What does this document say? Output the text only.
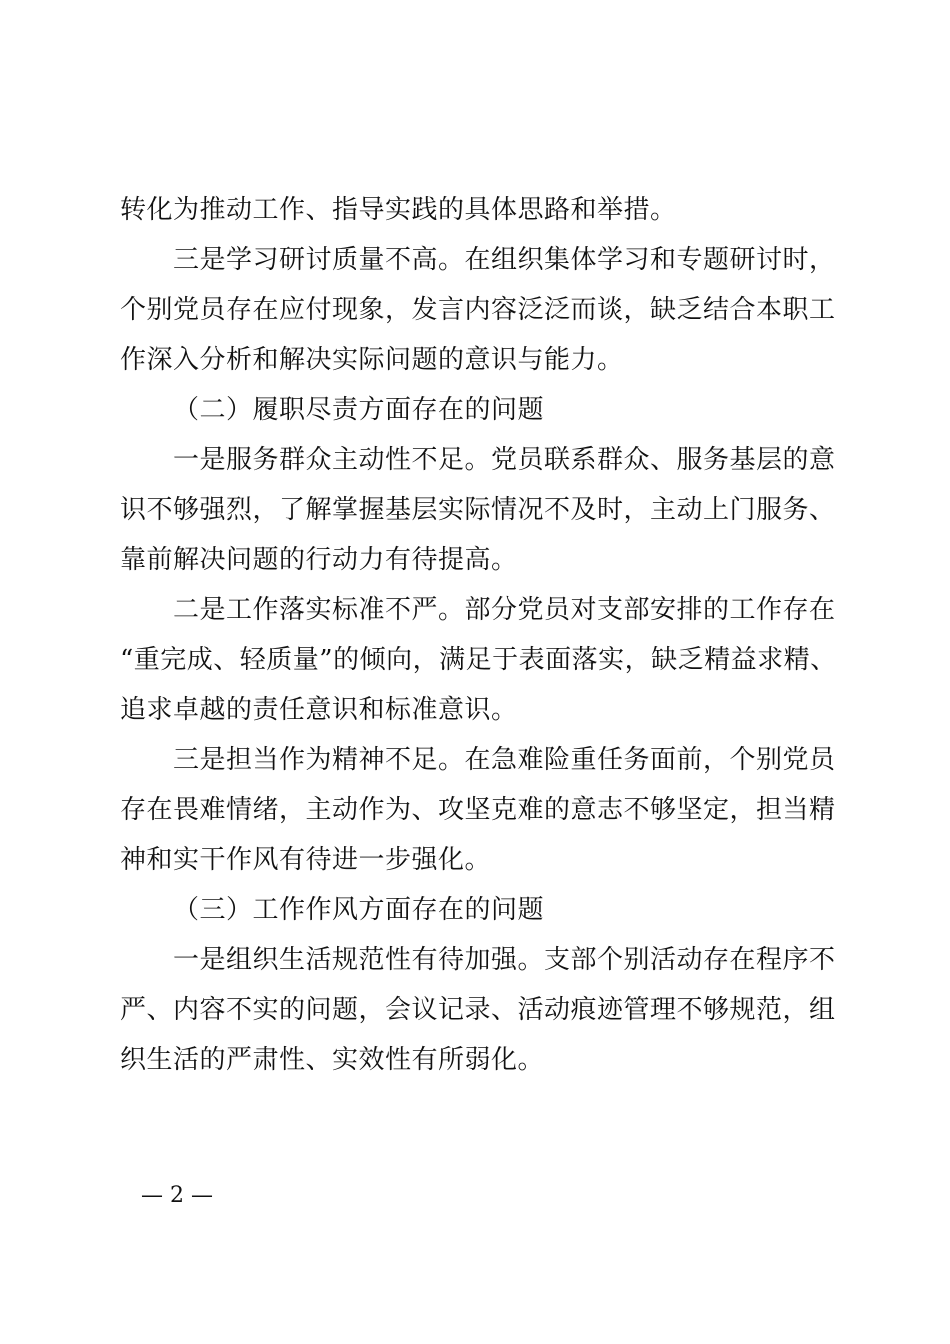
转化为推动工作、指导实践的具体思路和举措。

三是学习研讨质量不高。在组织集体学习和专题研讨时，

个别党员存在应付现象，发言内容泛泛而谈，缺乏结合本职工

作深入分析和解决实际问题的意识与能力。

（二）履职尽责方面存在的问题

一是服务群众主动性不足。党员联系群众、服务基层的意

识不够强烈，了解掌握基层实际情况不及时，主动上门服务、

靠前解决问题的行动力有待提高。

二是工作落实标准不严。部分党员对支部安排的工作存在

“重完成、轻质量”的倾向，满足于表面落实，缺乏精益求精、

追求卓越的责任意识和标准意识。

三是担当作为精神不足。在急难险重任务面前，个别党员

存在畏难情绪，主动作为、攻坚克难的意志不够坚定，担当精

神和实干作风有待进一步强化。

（三）工作作风方面存在的问题

一是组织生活规范性有待加强。支部个别活动存在程序不

严、内容不实的问题，会议记录、活动痕迹管理不够规范，组

织生活的严肃性、实效性有所弱化。

— 2 —
